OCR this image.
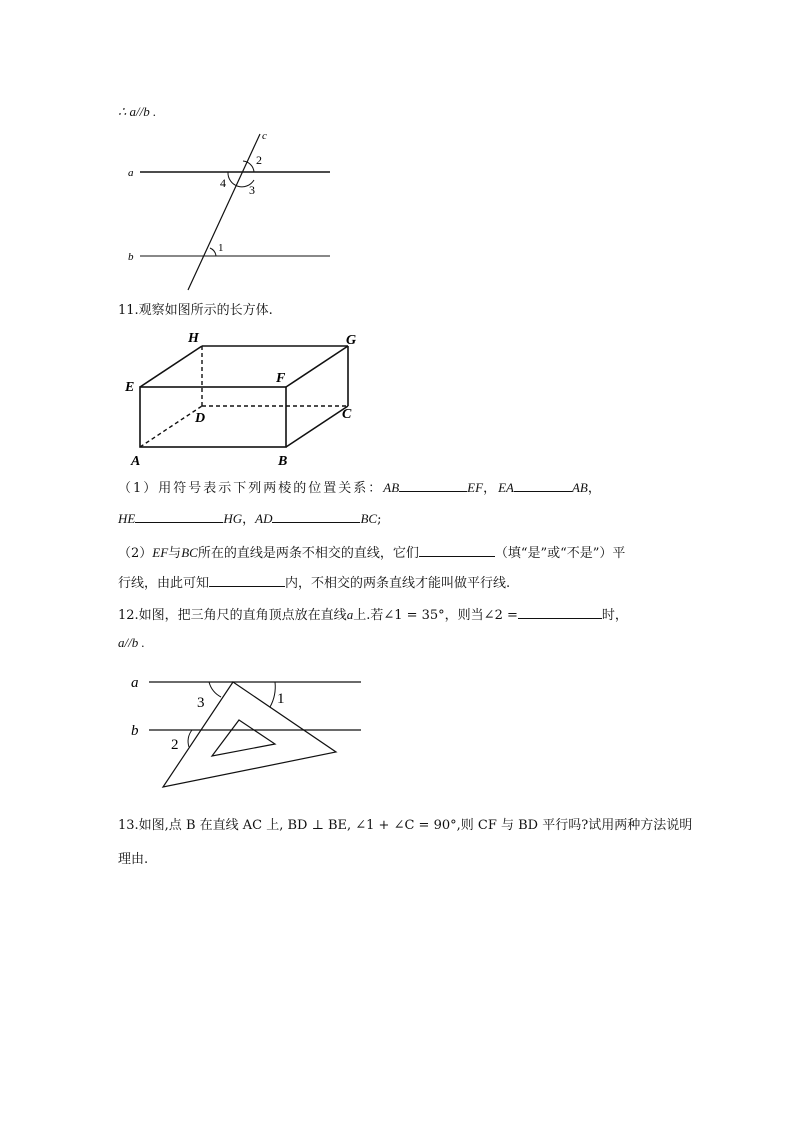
∴ a//b .
a
b
c
2
4 3
1
11.观察如图所示的长方体.
H	G
E
F
D	C
A	B
（1）用符号表示下列两棱的位置关系：AB	EF，EA	AB，
HE	HG，AD	BC;
（2）EF与BC所在的直线是两条不相交的直线，它们	（填“是”或“不是”）平
行线，由此可知	内，不相交的两条直线才能叫做平行线.
12.如图，把三角尺的直角顶点放在直线a上.若∠1 = 35°，则当∠2 =	时，
a//b .
a
b
3	1
2
13.如图,点 B 在直线 AC 上, BD ⊥ BE, ∠1 + ∠C = 90°,则 CF 与 BD 平行吗?试用两种方法说明
理由.
